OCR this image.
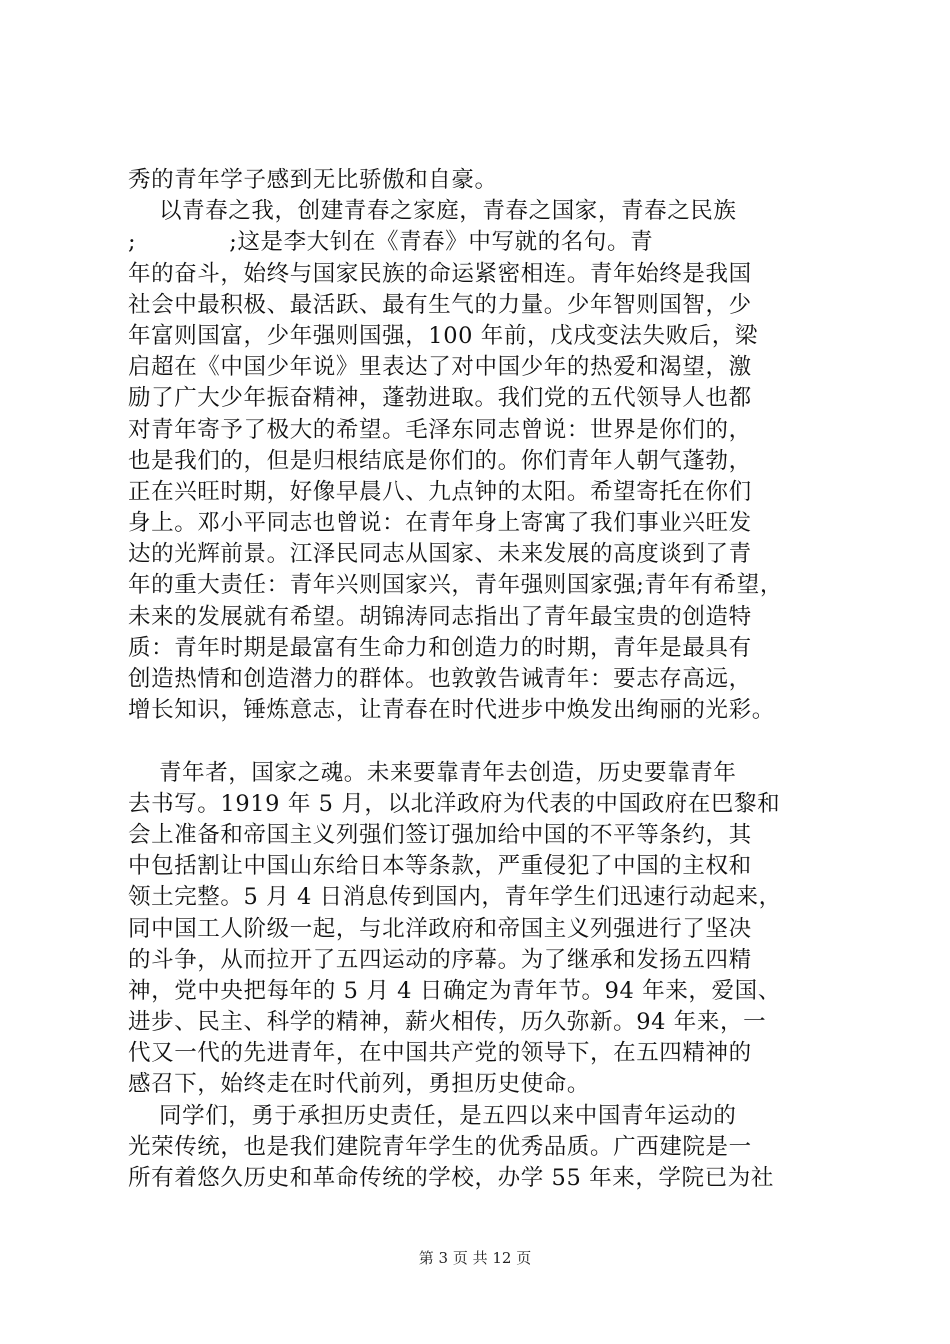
秀的青年学子感到无比骄傲和自豪。
以青春之我，创建青春之家庭，青春之国家，青春之民族
;            ;这是李大钊在《青春》中写就的名句。青
年的奋斗，始终与国家民族的命运紧密相连。青年始终是我国
社会中最积极、最活跃、最有生气的力量。少年智则国智，少
年富则国富，少年强则国强，100 年前，戊戌变法失败后，梁
启超在《中国少年说》里表达了对中国少年的热爱和渴望，激
励了广大少年振奋精神，蓬勃进取。我们党的五代领导人也都
对青年寄予了极大的希望。毛泽东同志曾说：世界是你们的，
也是我们的，但是归根结底是你们的。你们青年人朝气蓬勃，
正在兴旺时期，好像早晨八、九点钟的太阳。希望寄托在你们
身上。邓小平同志也曾说：在青年身上寄寓了我们事业兴旺发
达的光辉前景。江泽民同志从国家、未来发展的高度谈到了青
年的重大责任：青年兴则国家兴，青年强则国家强;青年有希望，
未来的发展就有希望。胡锦涛同志指出了青年最宝贵的创造特
质：青年时期是最富有生命力和创造力的时期，青年是最具有
创造热情和创造潜力的群体。也敦敦告诫青年：要志存高远，
增长知识，锤炼意志，让青春在时代进步中焕发出绚丽的光彩。
青年者，国家之魂。未来要靠青年去创造，历史要靠青年
去书写。1919 年 5 月，以北洋政府为代表的中国政府在巴黎和
会上准备和帝国主义列强们签订强加给中国的不平等条约，其
中包括割让中国山东给日本等条款，严重侵犯了中国的主权和
领土完整。5 月 4 日消息传到国内，青年学生们迅速行动起来，
同中国工人阶级一起，与北洋政府和帝国主义列强进行了坚决
的斗争，从而拉开了五四运动的序幕。为了继承和发扬五四精
神，党中央把每年的 5 月 4 日确定为青年节。94 年来，爱国、
进步、民主、科学的精神，薪火相传，历久弥新。94 年来，一
代又一代的先进青年，在中国共产党的领导下，在五四精神的
感召下，始终走在时代前列，勇担历史使命。
同学们，勇于承担历史责任，是五四以来中国青年运动的
光荣传统，也是我们建院青年学生的优秀品质。广西建院是一
所有着悠久历史和革命传统的学校，办学 55 年来，学院已为社
第 3 页 共 12 页
